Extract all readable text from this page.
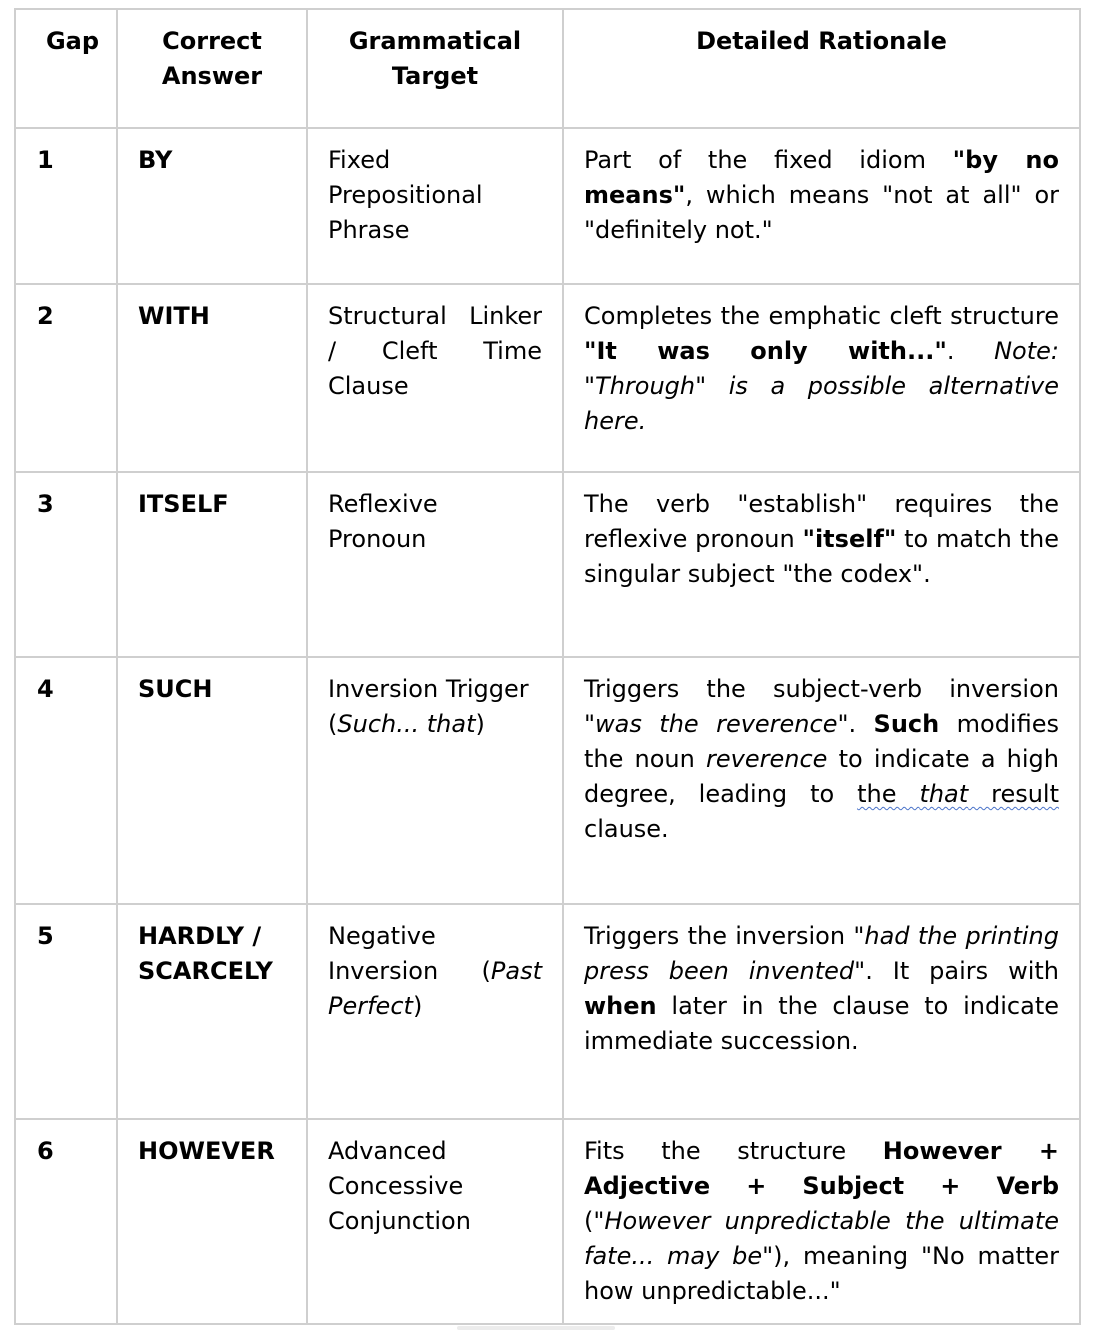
Gap	Correct Answer	Grammatical Target	Detailed Rationale
1	BY	Fixed Prepositional Phrase	Part of the fixed idiom "by no means", which means "not at all" or "definitely not."
2	WITH	Structural Linker / Cleft Time Clause	Completes the emphatic cleft structure "It was only with...". Note: "Through" is a possible alternative here.
3	ITSELF	Reflexive Pronoun	The verb "establish" requires the reflexive pronoun "itself" to match the singular subject "the codex".
4	SUCH	Inversion Trigger (Such... that)	Triggers the subject-verb inversion "was the reverence". Such modifies the noun reverence to indicate a high degree, leading to the that result clause.
5	HARDLY / SCARCELY	Negative Inversion (Past Perfect)	Triggers the inversion "had the printing press been invented". It pairs with when later in the clause to indicate immediate succession.
6	HOWEVER	Advanced Concessive Conjunction	Fits the structure However + Adjective + Subject + Verb ("However unpredictable the ultimate fate... may be"), meaning "No matter how unpredictable..."
